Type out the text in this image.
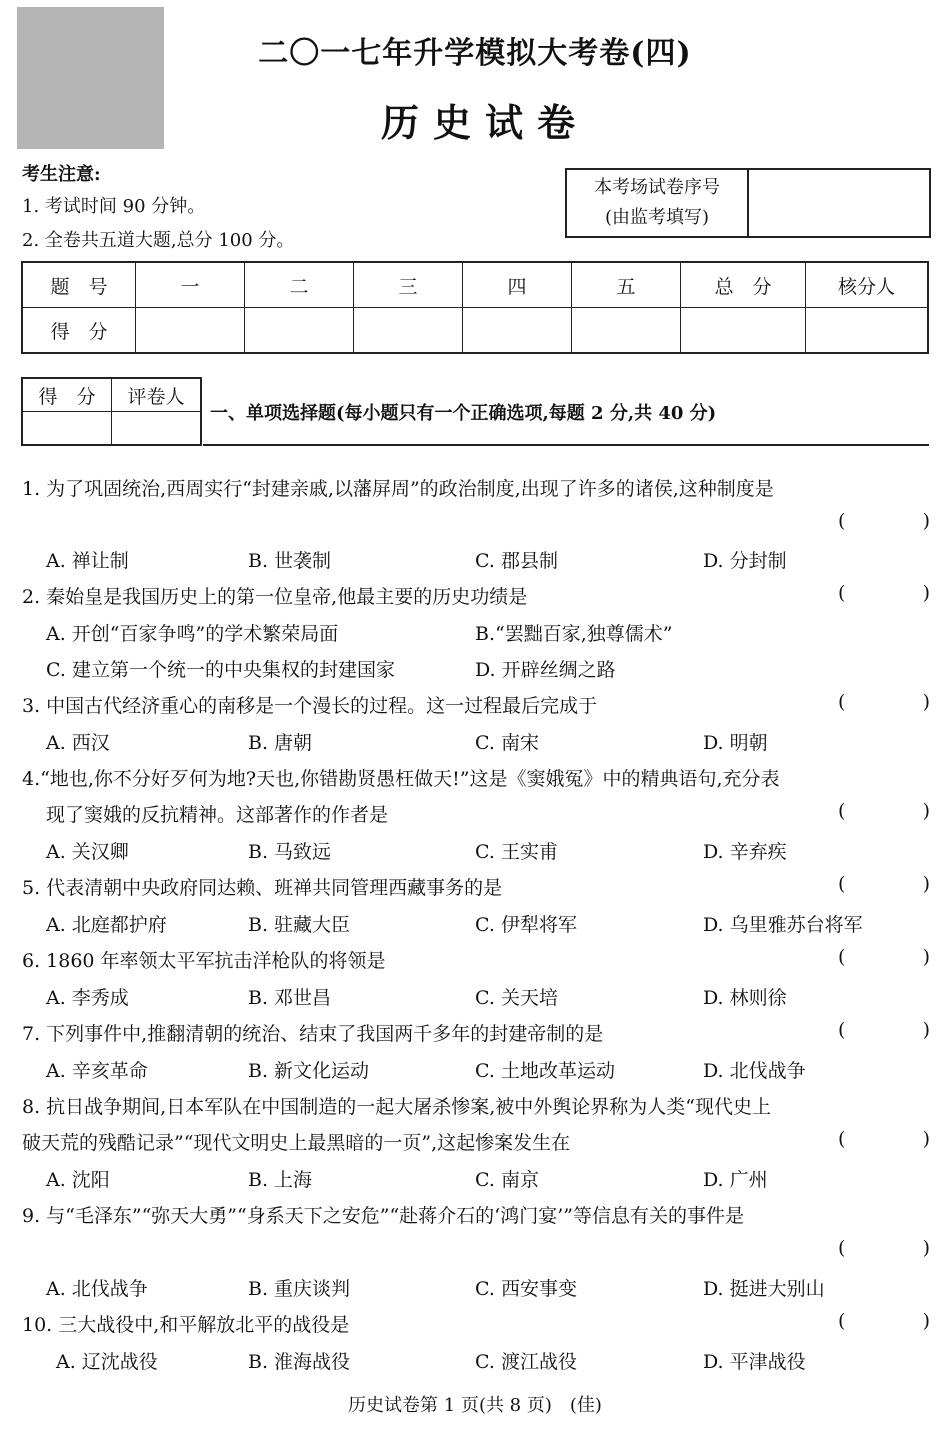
二〇一七年升学模拟大考卷(四)
历史试卷
考生注意:
1. 考试时间 90 分钟。
2. 全卷共五道大题,总分 100 分。
本考场试卷序号
(由监考填写)

题　号	一	二	三	四	五	总　分	核分人
得　分							
得　分	评卷人

一、单项选择题(每小题只有一个正确选项,每题 2 分,共 40 分)
1. 为了巩固统治,西周实行“封建亲戚,以藩屏周”的政治制度,出现了许多的诸侯,这种制度是
(	)
A. 禅让制	B. 世袭制	C. 郡县制	D. 分封制
2. 秦始皇是我国历史上的第一位皇帝,他最主要的历史功绩是	(	)
A. 开创“百家争鸣”的学术繁荣局面	B.“罢黜百家,独尊儒术”
C. 建立第一个统一的中央集权的封建国家	D. 开辟丝绸之路
3. 中国古代经济重心的南移是一个漫长的过程。这一过程最后完成于	(	)
A. 西汉	B. 唐朝	C. 南宋	D. 明朝
4.“地也,你不分好歹何为地?天也,你错勘贤愚枉做天!”这是《窦娥冤》中的精典语句,充分表
现了窦娥的反抗精神。这部著作的作者是	(	)
A. 关汉卿	B. 马致远	C. 王实甫	D. 辛弃疾
5. 代表清朝中央政府同达赖、班禅共同管理西藏事务的是	(	)
A. 北庭都护府	B. 驻藏大臣	C. 伊犁将军	D. 乌里雅苏台将军
6. 1860 年率领太平军抗击洋枪队的将领是	(	)
A. 李秀成	B. 邓世昌	C. 关天培	D. 林则徐
7. 下列事件中,推翻清朝的统治、结束了我国两千多年的封建帝制的是	(	)
A. 辛亥革命	B. 新文化运动	C. 土地改革运动	D. 北伐战争
8. 抗日战争期间,日本军队在中国制造的一起大屠杀惨案,被中外舆论界称为人类“现代史上
破天荒的残酷记录”“现代文明史上最黑暗的一页”,这起惨案发生在	(	)
A. 沈阳	B. 上海	C. 南京	D. 广州
9. 与“毛泽东”“弥天大勇”“身系天下之安危”“赴蒋介石的‘鸿门宴’”等信息有关的事件是
(	)
A. 北伐战争	B. 重庆谈判	C. 西安事变	D. 挺进大别山
10. 三大战役中,和平解放北平的战役是	(	)
A. 辽沈战役	B. 淮海战役	C. 渡江战役	D. 平津战役
历史试卷第 1 页(共 8 页)　(佳)
